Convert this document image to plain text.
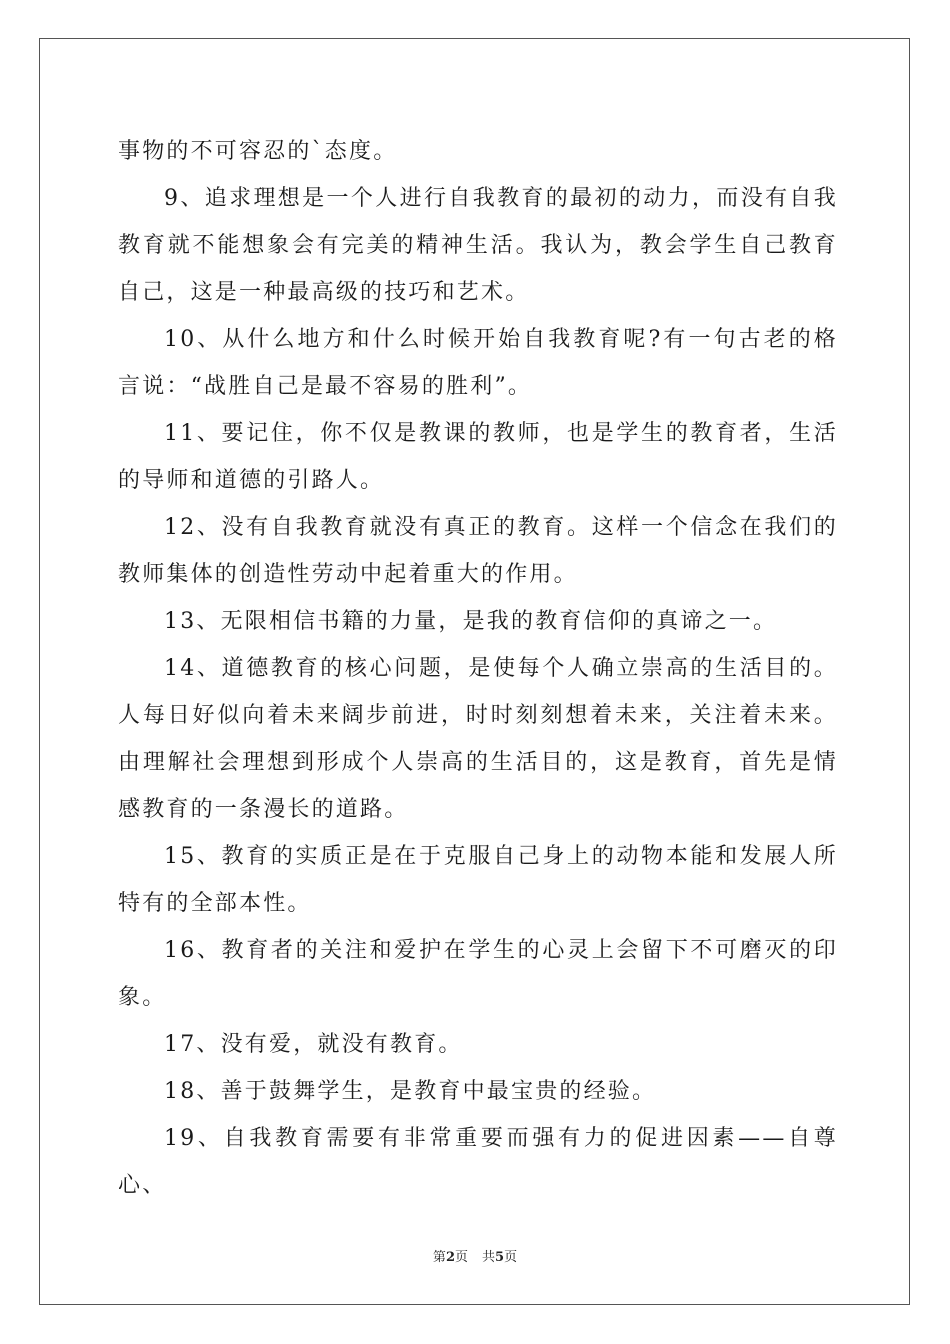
事物的不可容忍的`态度。

9、追求理想是一个人进行自我教育的最初的动力，而没有自我教育就不能想象会有完美的精神生活。我认为，教会学生自己教育自己，这是一种最高级的技巧和艺术。

10、从什么地方和什么时候开始自我教育呢?有一句古老的格言说：“战胜自己是最不容易的胜利”。

11、要记住，你不仅是教课的教师，也是学生的教育者，生活的导师和道德的引路人。

12、没有自我教育就没有真正的教育。这样一个信念在我们的教师集体的创造性劳动中起着重大的作用。

13、无限相信书籍的力量，是我的教育信仰的真谛之一。

14、道德教育的核心问题，是使每个人确立崇高的生活目的。人每日好似向着未来阔步前进，时时刻刻想着未来，关注着未来。由理解社会理想到形成个人崇高的生活目的，这是教育，首先是情感教育的一条漫长的道路。

15、教育的实质正是在于克服自己身上的动物本能和发展人所特有的全部本性。

16、教育者的关注和爱护在学生的心灵上会留下不可磨灭的印象。

17、没有爱，就没有教育。

18、善于鼓舞学生，是教育中最宝贵的经验。

19、自我教育需要有非常重要而强有力的促进因素——自尊心、

第2页 共5页
